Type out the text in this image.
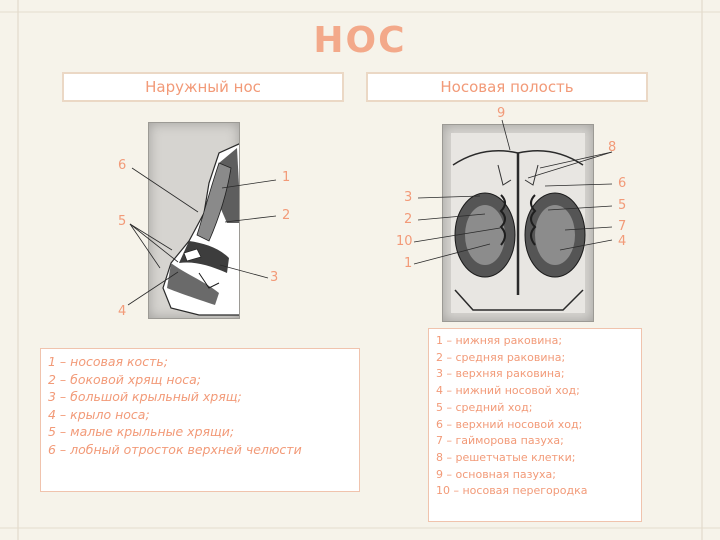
НОС
Наружный нос	Носовая полость
6
1
5	2
3
4
9
8
6
5
7
4
3
2
10
1
1 – носовая кость;
2 – боковой хрящ носа;
3 – большой крыльный хрящ;
4 – крыло носа;
5 – малые крыльные хрящи;
6 – лобный отросток верхней челюсти
1 – нижняя раковина;
2 – средняя раковина;
3 – верхняя раковина;
4 – нижний носовой ход;
5 – средний ход;
6 – верхний носовой ход;
7 – гайморова пазуха;
8 – решетчатые клетки;
9 – основная пазуха;
10 – носовая перегородка
